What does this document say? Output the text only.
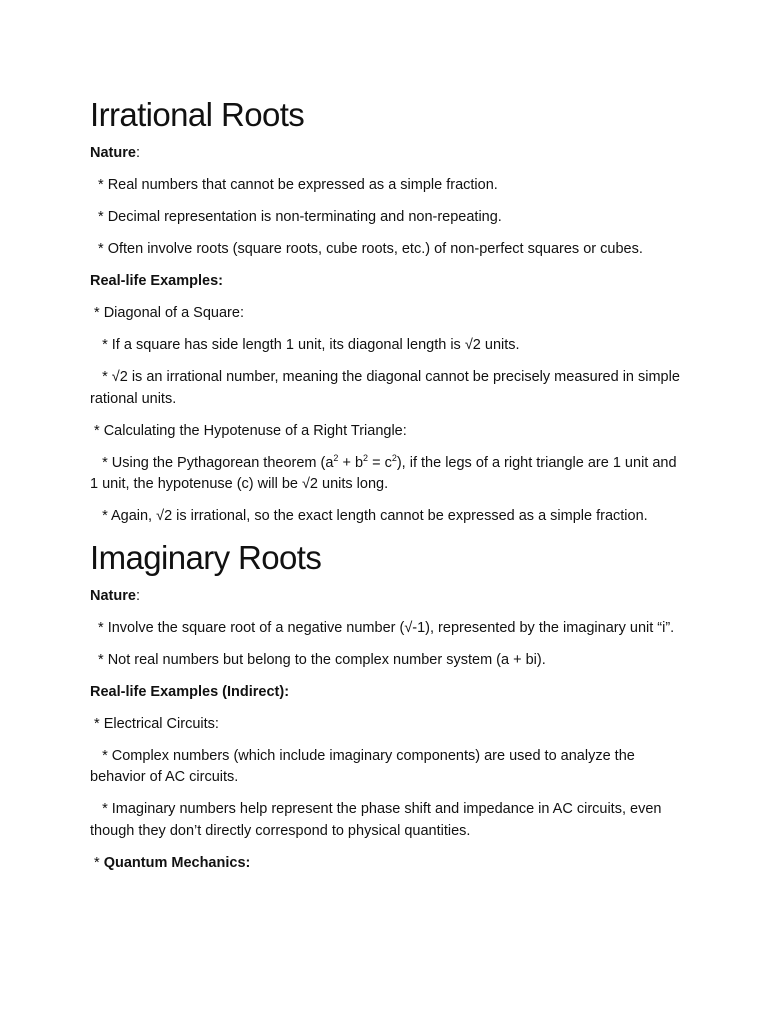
Irrational Roots

Nature:

* Real numbers that cannot be expressed as a simple fraction.

* Decimal representation is non-terminating and non-repeating.

* Often involve roots (square roots, cube roots, etc.) of non-perfect squares or cubes.

Real-life Examples:

* Diagonal of a Square:

* If a square has side length 1 unit, its diagonal length is √2 units.

* √2 is an irrational number, meaning the diagonal cannot be precisely measured in simple rational units.

* Calculating the Hypotenuse of a Right Triangle:

* Using the Pythagorean theorem $(a^2 + b^2 = c^2)$, if the legs of a right triangle are 1 unit and 1 unit, the hypotenuse (c) will be √2 units long.

* Again, √2 is irrational, so the exact length cannot be expressed as a simple fraction.

Imaginary Roots

Nature:

* Involve the square root of a negative number (√-1), represented by the imaginary unit “i”.

* Not real numbers but belong to the complex number system (a + bi).

Real-life Examples (Indirect):

* Electrical Circuits:

* Complex numbers (which include imaginary components) are used to analyze the behavior of AC circuits.

* Imaginary numbers help represent the phase shift and impedance in AC circuits, even though they don’t directly correspond to physical quantities.

* Quantum Mechanics:
